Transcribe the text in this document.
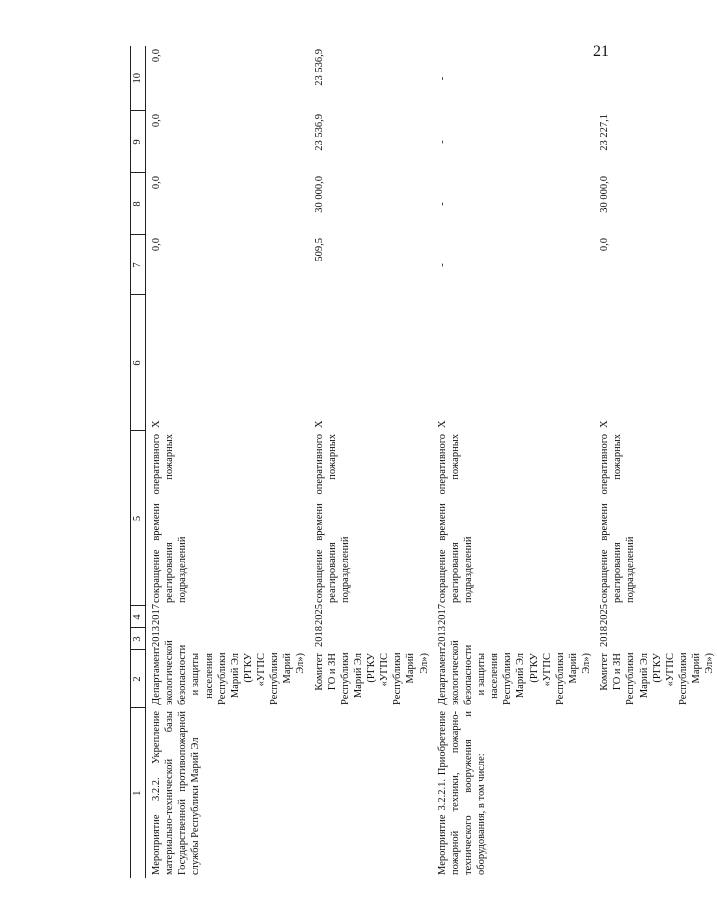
21
1	2	3	4	5	6	7	8	9	10
Мероприятие 3.2.2. Укрепление материально-технической базы Государственной противопожарной службы Республики Марий Эл	Департамент экологической безопасности и защиты населения Республики Марий Эл (РГКУ «УГПС Республики Марий Эл»)	2013	2017	сокращение времени оперативного реагирования пожарных подразделений	Х	0,0	0,0	0,0	0,0
	Комитет ГО и ЗН Республики Марий Эл (РГКУ «УГПС Республики Марий Эл»)	2018	2025	сокращение времени оперативного реагирования пожарных подразделений	Х	509,5	30 000,0	23 536,9	23 536,9
Мероприятие 3.2.2.1. Приобретение пожарной техники, пожарно-технического вооружения и оборудования, в том числе:	Департамент экологической безопасности и защиты населения Республики Марий Эл (РГКУ «УГПС Республики Марий Эл»)	2013	2017	сокращение времени оперативного реагирования пожарных подразделений	Х	-	-	-	-
	Комитет ГО и ЗН Республики Марий Эл (РГКУ «УГПС Республики Марий Эл»)	2018	2025	сокращение времени оперативного реагирования пожарных подразделений	Х	0,0	30 000,0	23 227,1	
